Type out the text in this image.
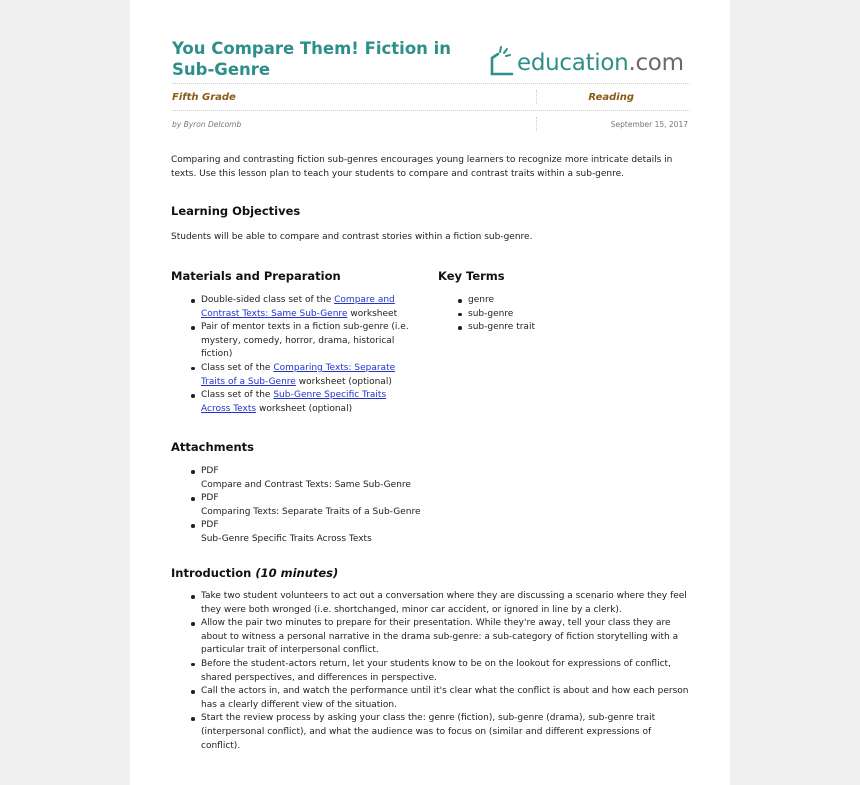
You Compare Them! Fiction in Sub-Genre	education.com
Fifth Grade	Reading
by Byron Delcomb	September 15, 2017
Comparing and contrasting fiction sub-genres encourages young learners to recognize more intricate details in texts. Use this lesson plan to teach your students to compare and contrast traits within a sub-genre.
Learning Objectives
Students will be able to compare and contrast stories within a fiction sub-genre.
Materials and Preparation
Double-sided class set of the Compare and Contrast Texts: Same Sub-Genre worksheet
Pair of mentor texts in a fiction sub-genre (i.e. mystery, comedy, horror, drama, historical fiction)
Class set of the Comparing Texts: Separate Traits of a Sub-Genre worksheet (optional)
Class set of the Sub-Genre Specific Traits Across Texts worksheet (optional)
Key Terms
genre
sub-genre
sub-genre trait
Attachments
PDF
Compare and Contrast Texts: Same Sub-Genre
PDF
Comparing Texts: Separate Traits of a Sub-Genre
PDF
Sub-Genre Specific Traits Across Texts
Introduction (10 minutes)
Take two student volunteers to act out a conversation where they are discussing a scenario where they feel they were both wronged (i.e. shortchanged, minor car accident, or ignored in line by a clerk).
Allow the pair two minutes to prepare for their presentation. While they're away, tell your class they are about to witness a personal narrative in the drama sub-genre: a sub-category of fiction storytelling with a particular trait of interpersonal conflict.
Before the student-actors return, let your students know to be on the lookout for expressions of conflict, shared perspectives, and differences in perspective.
Call the actors in, and watch the performance until it's clear what the conflict is about and how each person has a clearly different view of the situation.
Start the review process by asking your class the: genre (fiction), sub-genre (drama), sub-genre trait (interpersonal conflict), and what the audience was to focus on (similar and different expressions of conflict).
